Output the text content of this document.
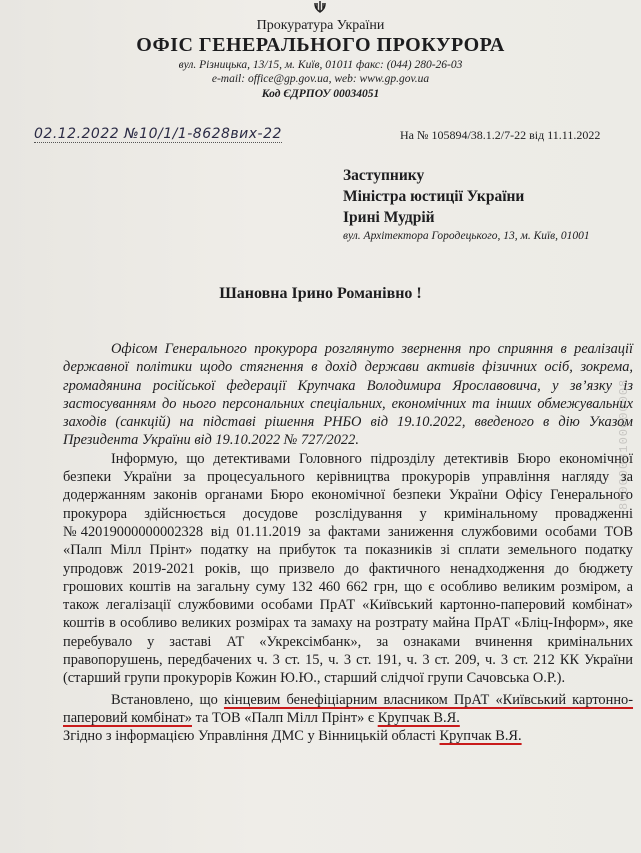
8000008100000008
Прокуратура України
ОФІС ГЕНЕРАЛЬНОГО ПРОКУРОРА
вул. Різницька, 13/15, м. Київ, 01011 факс: (044) 280-26-03
e-mail: office@gp.gov.ua, web: www.gp.gov.ua
Код ЄДРПОУ 00034051
02.12.2022 №10/1/1-8628вих-22	На № 105894/38.1.2/7-22 від 11.11.2022
Заступнику
Міністра юстиції України
Ірині Мудрій
вул. Архітектора Городецького, 13, м. Київ, 01001
Шановна Ірино Романівно !

Офісом Генерального прокурора розглянуто звернення про сприяння в реалізації державної політики щодо стягнення в дохід держави активів фізичних осіб, зокрема, громадянина російської федерації Крупчака Володимира Ярославовича, у зв’язку із застосуванням до нього персональних спеціальних, економічних та інших обмежувальних заходів (санкцій) на підставі рішення РНБО від 19.10.2022, введеного в дію Указом Президента України від 19.10.2022 № 727/2022.

Інформую, що детективами Головного підрозділу детективів Бюро економічної безпеки України за процесуального керівництва прокурорів управління нагляду за додержанням законів органами Бюро економічної безпеки України Офісу Генерального прокурора здійснюється досудове розслідування у кримінальному провадженні №42019000000002328 від 01.11.2019 за фактами заниження службовими особами ТОВ «Палп Мілл Прінт» податку на прибуток та показників зі сплати земельного податку упродовж 2019-2021 років, що призвело до фактичного ненадходження до бюджету грошових коштів на загальну суму 132 460 662 грн, що є особливо великим розміром, а також легалізації службовими особами ПрАТ «Київський картонно-паперовий комбінат» коштів в особливо великих розмірах та замаху на розтрату майна ПрАТ «Бліц-Інформ», яке перебувало у заставі АТ «Укрексімбанк», за ознаками вчинення кримінальних правопорушень, передбачених ч. 3 ст. 15, ч. 3 ст. 191, ч. 3 ст. 209, ч. 3 ст. 212 КК України (старший групи прокурорів Кожин Ю.Ю., старший слідчої групи Сачовська О.Р.).

Встановлено, що кінцевим бенефіціарним власником ПрАТ «Київський картонно-паперовий комбінат» та ТОВ «Палп Мілл Прінт» є Крупчак В.Я.
Згідно з інформацією Управління ДМС у Вінницькій області Крупчак В.Я.
